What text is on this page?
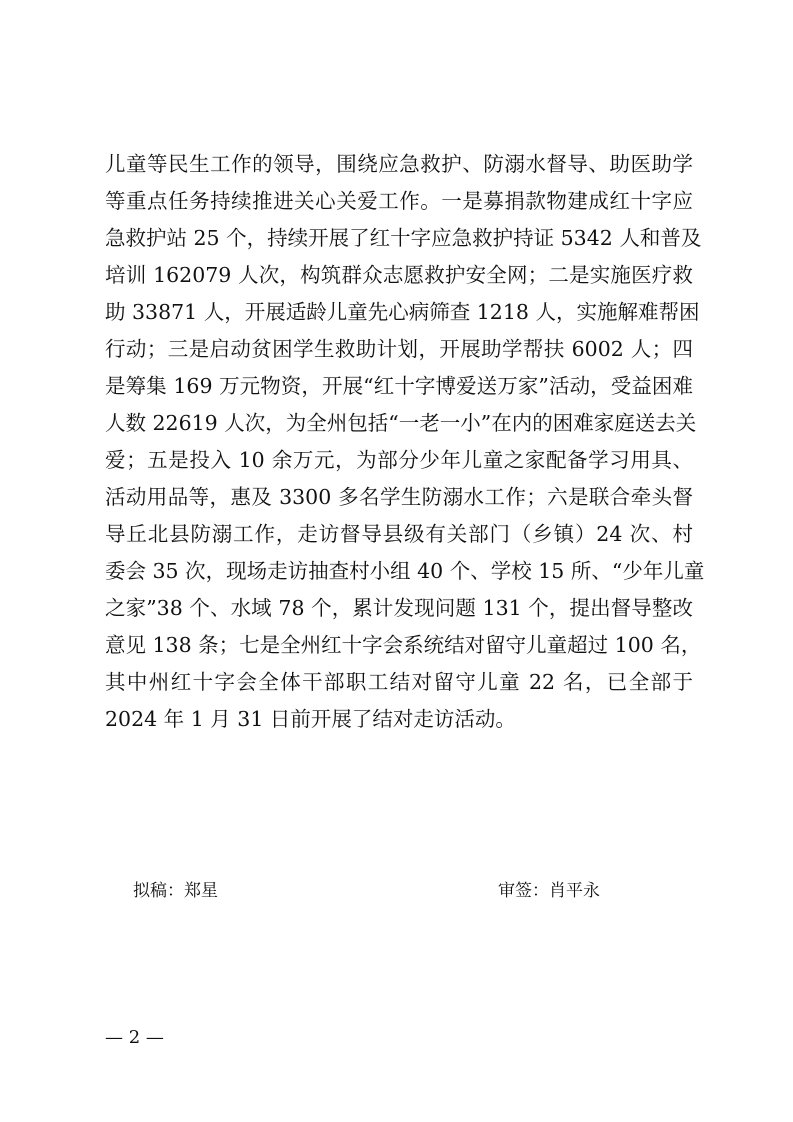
儿童等民生工作的领导，围绕应急救护、防溺水督导、助医助学
等重点任务持续推进关心关爱工作。一是募捐款物建成红十字应
急救护站 25 个，持续开展了红十字应急救护持证 5342 人和普及
培训 162079 人次，构筑群众志愿救护安全网；二是实施医疗救
助 33871 人，开展适龄儿童先心病筛查 1218 人，实施解难帮困
行动；三是启动贫困学生救助计划，开展助学帮扶 6002 人；四
是筹集 169 万元物资，开展“红十字博爱送万家”活动，受益困难
人数 22619 人次，为全州包括“一老一小”在内的困难家庭送去关
爱；五是投入 10 余万元，为部分少年儿童之家配备学习用具、
活动用品等，惠及 3300 多名学生防溺水工作；六是联合牵头督
导丘北县防溺工作，走访督导县级有关部门（乡镇）24 次、村
委会 35 次，现场走访抽查村小组 40 个、学校 15 所、“少年儿童
之家”38 个、水域 78 个，累计发现问题 131 个，提出督导整改
意见 138 条；七是全州红十字会系统结对留守儿童超过 100 名，
其中州红十字会全体干部职工结对留守儿童 22 名，已全部于
2024 年 1 月 31 日前开展了结对走访活动。
拟稿：郑星	审签：肖平永
— 2 —
